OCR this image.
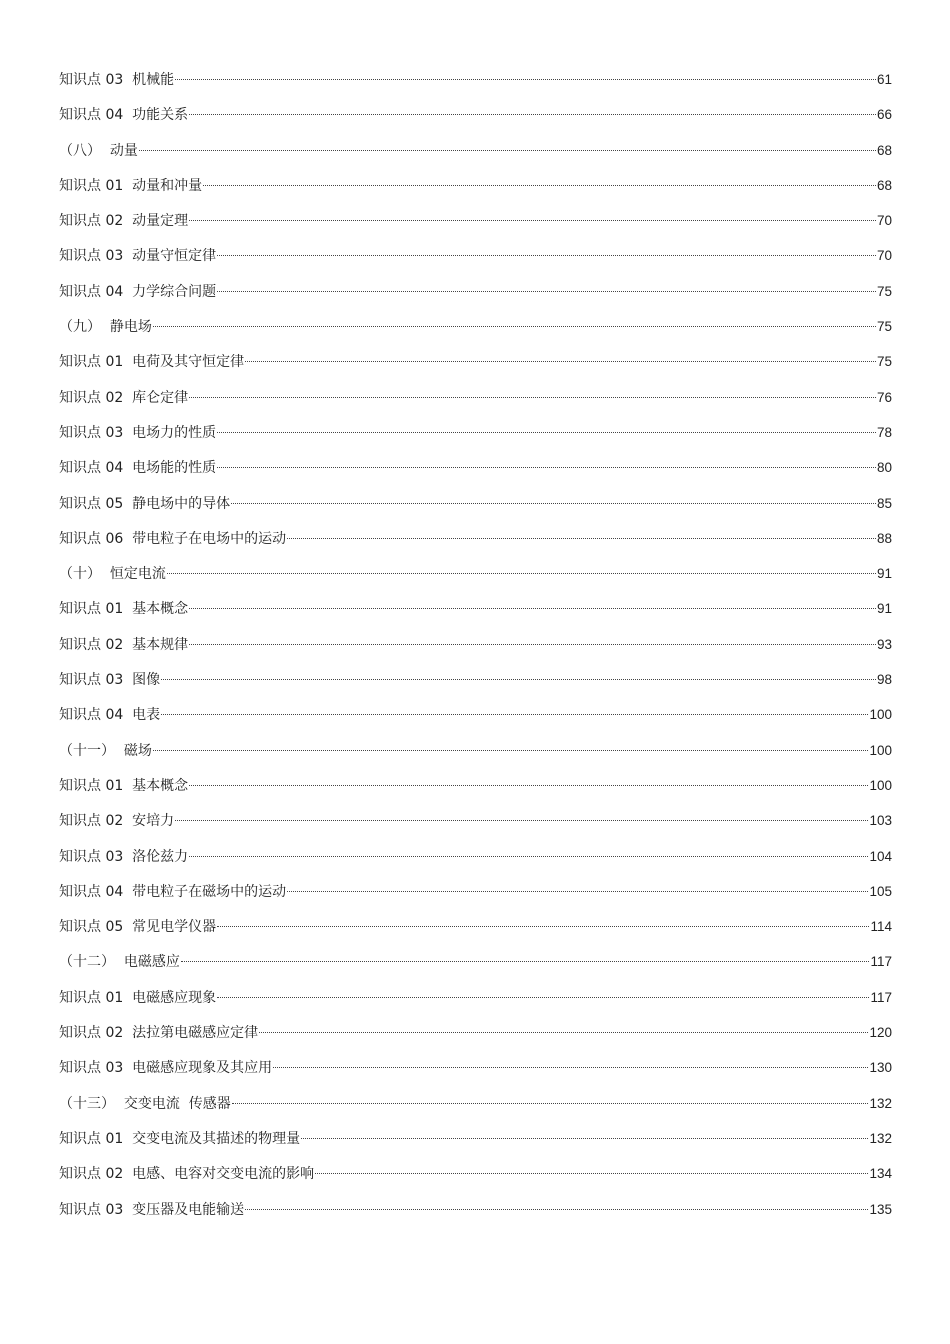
知识点 03  机械能	61
知识点 04  功能关系	66
（八）  动量	68
知识点 01  动量和冲量	68
知识点 02  动量定理	70
知识点 03  动量守恒定律	70
知识点 04  力学综合问题	75
（九）  静电场	75
知识点 01  电荷及其守恒定律	75
知识点 02  库仑定律	76
知识点 03  电场力的性质	78
知识点 04  电场能的性质	80
知识点 05  静电场中的导体	85
知识点 06  带电粒子在电场中的运动	88
（十）  恒定电流	91
知识点 01  基本概念	91
知识点 02  基本规律	93
知识点 03  图像	98
知识点 04  电表	100
（十一）  磁场	100
知识点 01  基本概念	100
知识点 02  安培力	103
知识点 03  洛伦兹力	104
知识点 04  带电粒子在磁场中的运动	105
知识点 05  常见电学仪器	114
（十二）  电磁感应	117
知识点 01  电磁感应现象	117
知识点 02  法拉第电磁感应定律	120
知识点 03  电磁感应现象及其应用	130
（十三）  交变电流  传感器	132
知识点 01  交变电流及其描述的物理量	132
知识点 02  电感、电容对交变电流的影响	134
知识点 03  变压器及电能输送	135
